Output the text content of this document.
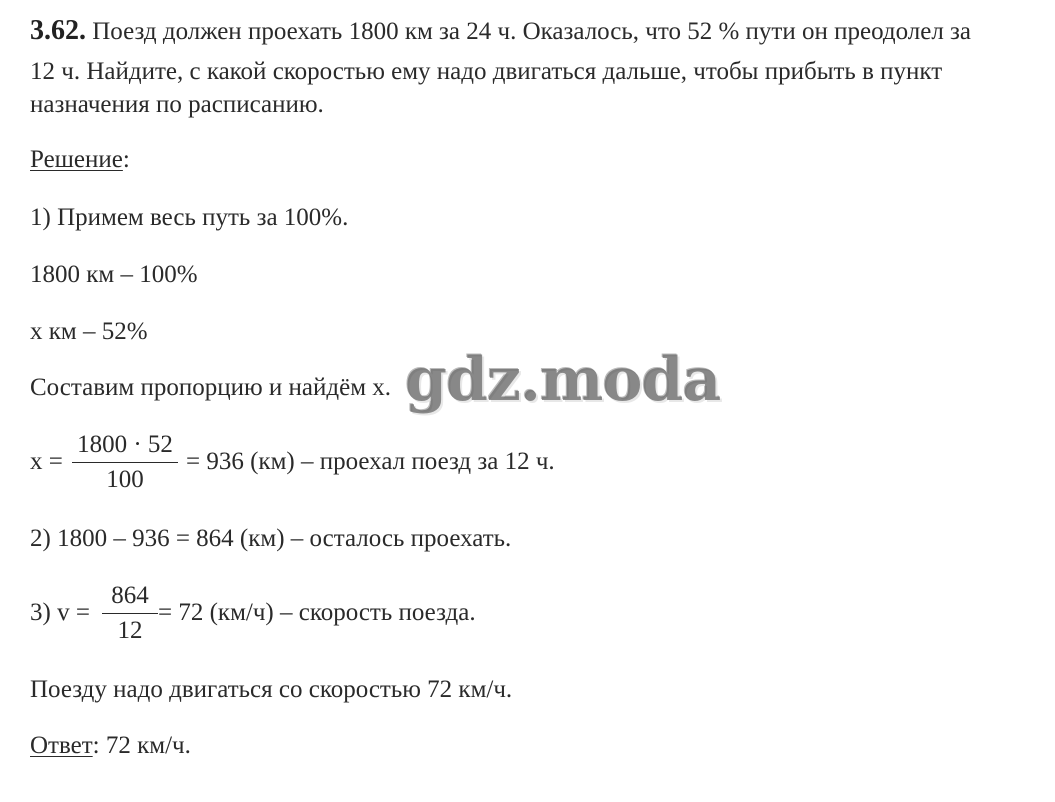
3.62. Поезд должен проехать 1800 км за 24 ч. Оказалось, что 52 % пути он преодолел за
12 ч. Найдите, с какой скоростью ему надо двигаться дальше, чтобы прибыть в пункт
назначения по расписанию.
Решение:
1) Примем весь путь за 100%.
1800 км – 100%
х км – 52%
Составим пропорцию и найдём х.
х =
1800 · 52
100
= 936 (км) – проехал поезд за 12 ч.
2) 1800 – 936 = 864 (км) – осталось проехать.
3) v =
864
12
= 72 (км/ч) – скорость поезда.
Поезду надо двигаться со скоростью 72 км/ч.
Ответ: 72 км/ч.
gdz.moda
